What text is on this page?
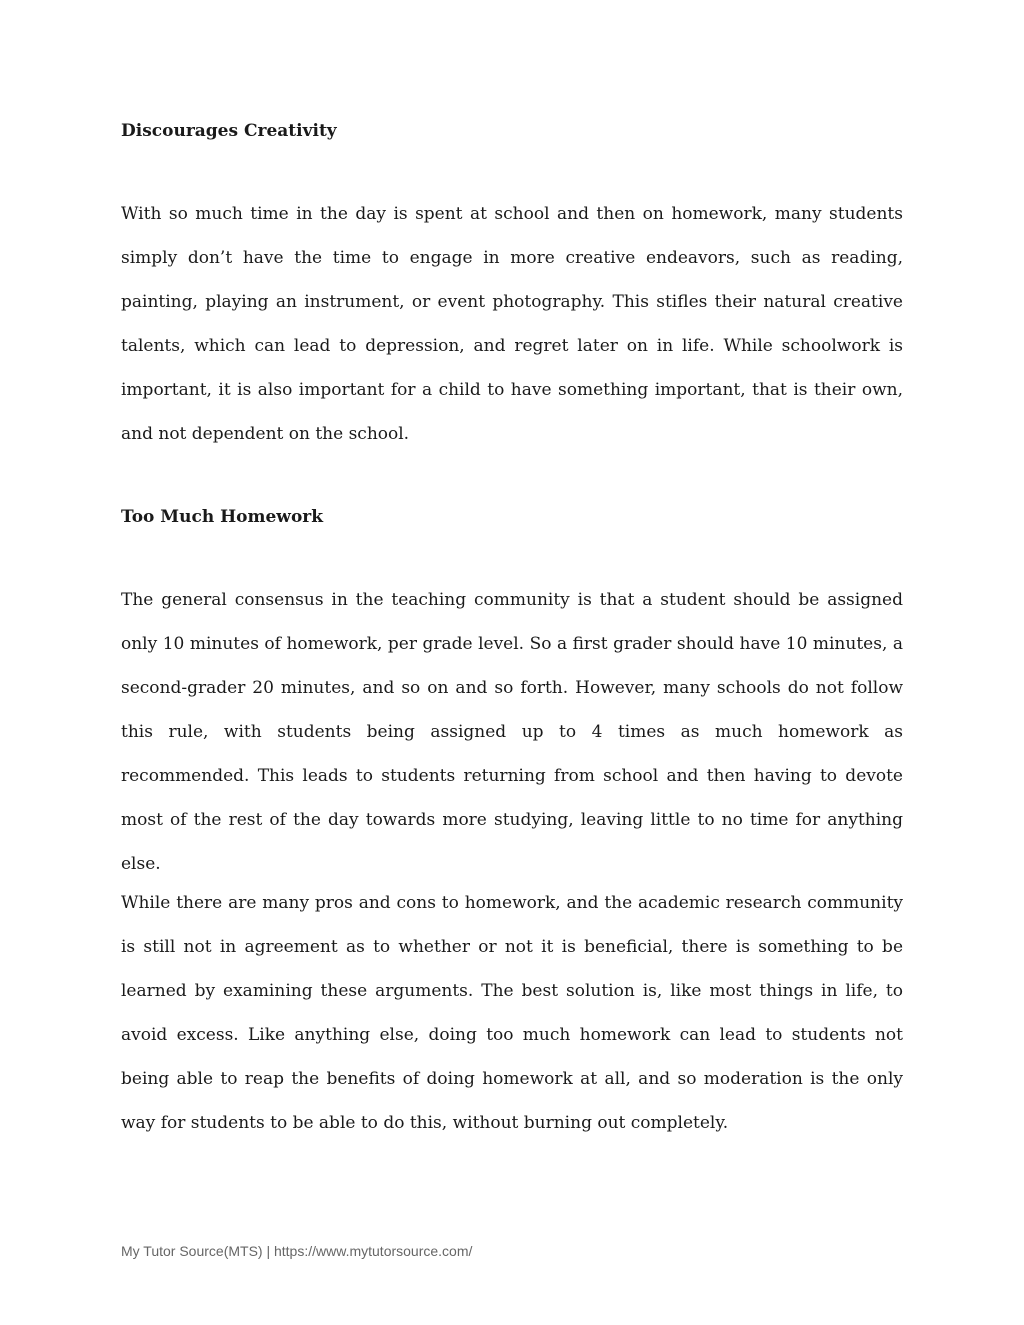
Discourages Creativity

With so much time in the day is spent at school and then on homework, many students simply don’t have the time to engage in more creative endeavors, such as reading, painting, playing an instrument, or event photography. This stifles their natural creative talents, which can lead to depression, and regret later on in life. While schoolwork is important, it is also important for a child to have something important, that is their own, and not dependent on the school.

Too Much Homework

The general consensus in the teaching community is that a student should be assigned only 10 minutes of homework, per grade level. So a first grader should have 10 minutes, a second-grader 20 minutes, and so on and so forth. However, many schools do not follow this rule, with students being assigned up to 4 times as much homework as recommended. This leads to students returning from school and then having to devote most of the rest of the day towards more studying, leaving little to no time for anything else.

While there are many pros and cons to homework, and the academic research community is still not in agreement as to whether or not it is beneficial, there is something to be learned by examining these arguments. The best solution is, like most things in life, to avoid excess. Like anything else, doing too much homework can lead to students not being able to reap the benefits of doing homework at all, and so moderation is the only way for students to be able to do this, without burning out completely.

My Tutor Source(MTS) | https://www.mytutorsource.com/
